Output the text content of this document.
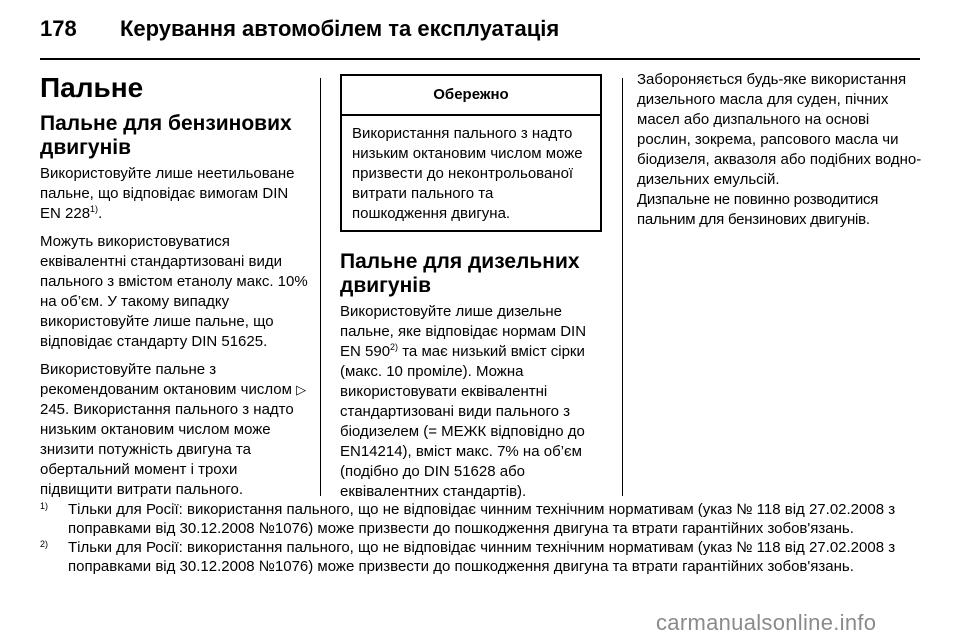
178 Керування автомобілем та експлуатація
Пальне
Пальне для бензинових двигунів

Використовуйте лише неетильоване пальне, що відповідає вимогам DIN EN 228$^{1)}$.

Можуть використовуватися еквівалентні стандартизовані види пального з вмістом етанолу макс. 10% на об’єм. У такому випадку використовуйте лише пальне, що відповідає стандарту DIN 51625.

Використовуйте пальне з рекомендованим октановим числом ▷ 245. Використання пального з надто низьким октановим числом може знизити потужність двигуна та обертальний момент і трохи підвищити витрати пального.

Обережно
Використання пального з надто низьким октановим числом може призвести до неконтрольованої витрати пального та пошкодження двигуна.
Пальне для дизельних двигунів

Використовуйте лише дизельне пальне, яке відповідає нормам DIN EN 590$^{2)}$ та має низький вміст сірки (макс. 10 проміле). Можна використовувати еквівалентні стандартизовані види пального з біодизелем (= МЕЖК відповідно до EN14214), вміст макс. 7% на об’єм (подібно до DIN 51628 або еквівалентних стандартів).

Забороняється будь-яке використання дизельного масла для суден, пічних масел або дизпального на основі рослин, зокрема, рапсового масла чи біодизеля, аквазоля або подібних водно-дизельних емульсій.

Дизпальне не повинно розводитися пальним для бензинових двигунів.

1) Тільки для Росії: використання пального, що не відповідає чинним технічним нормативам (указ № 118 від 27.02.2008 з поправками від 30.12.2008 №1076) може призвести до пошкодження двигуна та втрати гарантійних зобов'язань.
2) Тільки для Росії: використання пального, що не відповідає чинним технічним нормативам (указ № 118 від 27.02.2008 з поправками від 30.12.2008 №1076) може призвести до пошкодження двигуна та втрати гарантійних зобов'язань.
carmanualsonline.info
